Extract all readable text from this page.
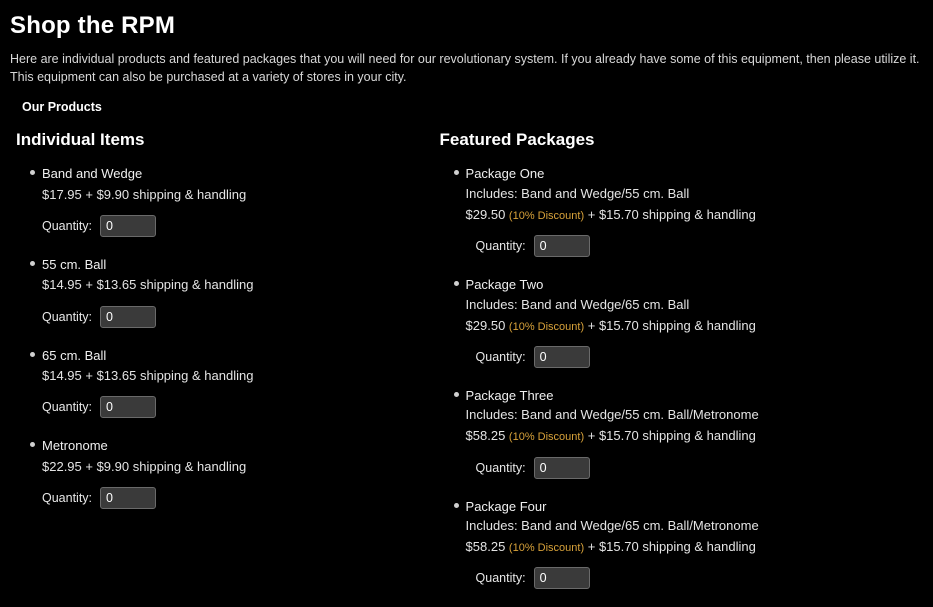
Shop the RPM

Here are individual products and featured packages that you will need for our revolutionary system. If you already have some of this equipment, then please utilize it. This equipment can also be purchased at a variety of stores in your city.

Our Products
Individual Items
Band and Wedge
$17.95 + $9.90 shipping & handling
Quantity:
0
55 cm. Ball
$14.95 + $13.65 shipping & handling
Quantity:
0
65 cm. Ball
$14.95 + $13.65 shipping & handling
Quantity:
0
Metronome
$22.95 + $9.90 shipping & handling
Quantity:
0
Featured Packages
Package One
Includes: Band and Wedge/55 cm. Ball
$29.50 (10% Discount) + $15.70 shipping & handling
Quantity:
0
Package Two
Includes: Band and Wedge/65 cm. Ball
$29.50 (10% Discount) + $15.70 shipping & handling
Quantity:
0
Package Three
Includes: Band and Wedge/55 cm. Ball/Metronome
$58.25 (10% Discount) + $15.70 shipping & handling
Quantity:
0
Package Four
Includes: Band and Wedge/65 cm. Ball/Metronome
$58.25 (10% Discount) + $15.70 shipping & handling
Quantity:
0
